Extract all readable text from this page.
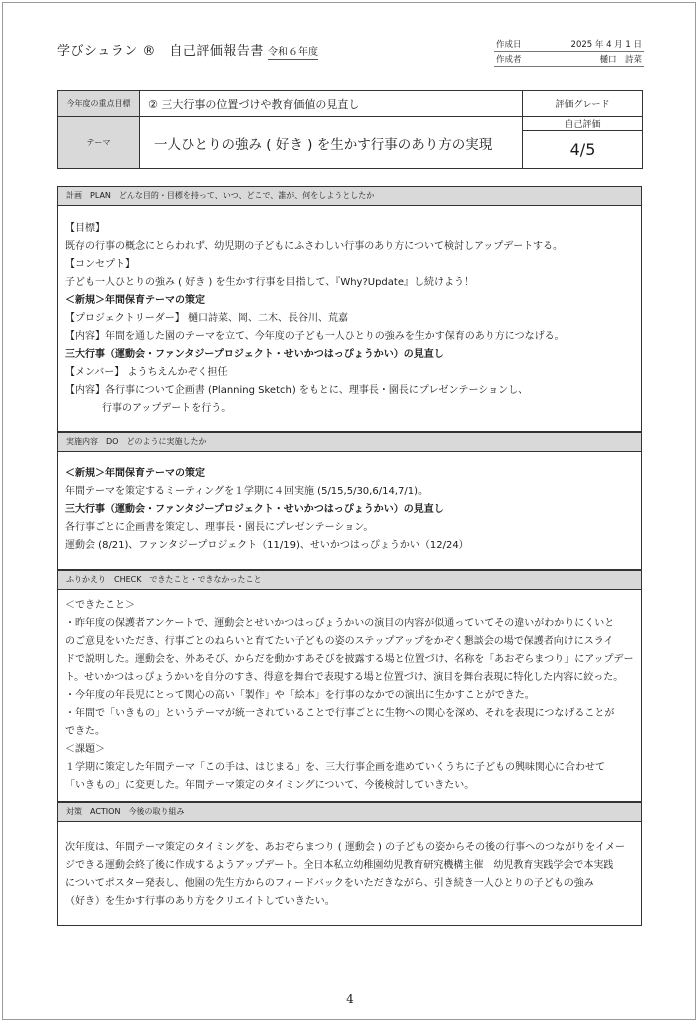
学びシュラン ®　自己評価報告書 令和６年度
作成日	2025 年 4 月 1 日
作成者	樋口　詩菜
今年度の重点目標	② 三大行事の位置づけや教育価値の見直し	評価グレード
テーマ	一人ひとりの強み ( 好き ) を生かす行事のあり方の実現	自己評価
		4/5
計画　PLAN　どんな目的・目標を持って、いつ、どこで、誰が、何をしようとしたか
【目標】
既存の行事の概念にとらわれず、幼児期の子どもにふさわしい行事のあり方について検討しアップデートする。
【コンセプト】
子ども一人ひとりの強み ( 好き ) を生かす行事を目指して、『Why?Update』し続けよう！
＜新規＞年間保育テーマの策定
【プロジェクトリーダー】 樋口詩菜、岡、二木、長谷川、荒嘉
【内容】年間を通した園のテーマを立て、今年度の子ども一人ひとりの強みを生かす保育のあり方につなげる。
三大行事（運動会・ファンタジープロジェクト・せいかつはっぴょうかい）の見直し
【メンバー】 ようちえんかぞく担任
【内容】各行事について企画書 (Planning Sketch) をもとに、理事長・園長にプレゼンテーションし、
行事のアップデートを行う。
実施内容　DO　どのように実施したか
＜新規＞年間保育テーマの策定
年間テーマを策定するミーティングを１学期に４回実施 (5/15,5/30,6/14,7/1)。
三大行事（運動会・ファンタジープロジェクト・せいかつはっぴょうかい）の見直し
各行事ごとに企画書を策定し、理事長・園長にプレゼンテーション。
運動会 (8/21)、ファンタジープロジェクト（11/19)、せいかつはっぴょうかい（12/24）
ふりかえり　CHECK　できたこと・できなかったこと
＜できたこと＞
・昨年度の保護者アンケートで、運動会とせいかつはっぴょうかいの演目の内容が似通っていてその違いがわかりにくいと
のご意見をいただき、行事ごとのねらいと育てたい子どもの姿のステップアップをかぞく懇談会の場で保護者向けにスライ
ドで説明した。運動会を、外あそび、からだを動かすあそびを披露する場と位置づけ、名称を「あおぞらまつり」にアップデー
ト。せいかつはっぴょうかいを自分のすき、得意を舞台で表現する場と位置づけ、演目を舞台表現に特化した内容に絞った。
・今年度の年長児にとって関心の高い「製作」や「絵本」を行事のなかでの演出に生かすことができた。
・年間で「いきもの」というテーマが統一されていることで行事ごとに生物への関心を深め、それを表現につなげることが
できた。
＜課題＞
１学期に策定した年間テーマ「この手は、はじまる」を、三大行事企画を進めていくうちに子どもの興味関心に合わせて
「いきもの」に変更した。年間テーマ策定のタイミングについて、今後検討していきたい。
対策　ACTION　今後の取り組み
次年度は、年間テーマ策定のタイミングを、あおぞらまつり ( 運動会 ) の子どもの姿からその後の行事へのつながりをイメー
ジできる運動会終了後に作成するようアップデート。全日本私立幼稚園幼児教育研究機構主催　幼児教育実践学会で本実践
についてポスター発表し、他園の先生方からのフィードバックをいただきながら、引き続き一人ひとりの子どもの強み
（好き）を生かす行事のあり方をクリエイトしていきたい。
4
